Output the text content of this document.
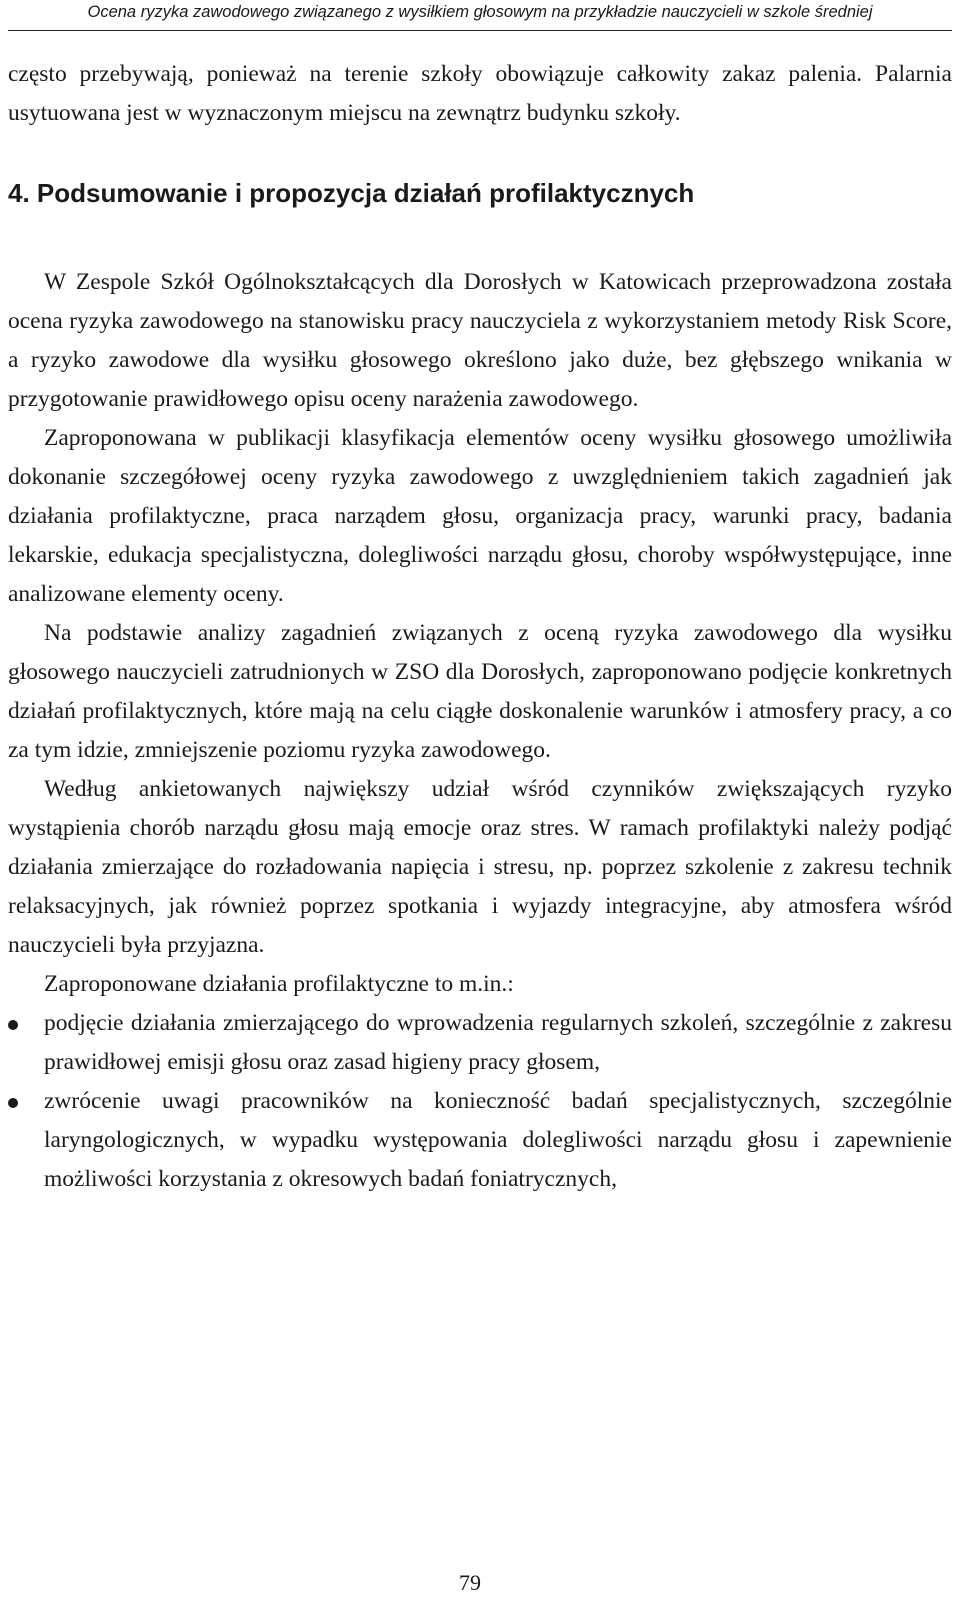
Ocena ryzyka zawodowego związanego z wysiłkiem głosowym na przykładzie nauczycieli w szkole średniej

często przebywają, ponieważ na terenie szkoły obowiązuje całkowity zakaz palenia. Palarnia usytuowana jest w wyznaczonym miejscu na zewnątrz budynku szkoły.

4. Podsumowanie i propozycja działań profilaktycznych

W Zespole Szkół Ogólnokształcących dla Dorosłych w Katowicach przeprowadzona została ocena ryzyka zawodowego na stanowisku pracy nauczyciela z wykorzystaniem metody Risk Score, a ryzyko zawodowe dla wysiłku głosowego określono jako duże, bez głębszego wnikania w przygotowanie prawidłowego opisu oceny narażenia zawodowego.

Zaproponowana w publikacji klasyfikacja elementów oceny wysiłku głosowego umożliwiła dokonanie szczegółowej oceny ryzyka zawodowego z uwzględnieniem takich zagadnień jak działania profilaktyczne, praca narządem głosu, organizacja pracy, warunki pracy, badania lekarskie, edukacja specjalistyczna, dolegliwości narządu głosu, choroby współwystępujące, inne analizowane elementy oceny.

Na podstawie analizy zagadnień związanych z oceną ryzyka zawodowego dla wysiłku głosowego nauczycieli zatrudnionych w ZSO dla Dorosłych, zaproponowano podjęcie konkretnych działań profilaktycznych, które mają na celu ciągłe doskonalenie warunków i atmosfery pracy, a co za tym idzie, zmniejszenie poziomu ryzyka zawodowego.

Według ankietowanych największy udział wśród czynników zwiększających ryzyko wystąpienia chorób narządu głosu mają emocje oraz stres. W ramach profilaktyki należy podjąć działania zmierzające do rozładowania napięcia i stresu, np. poprzez szkolenie z zakresu technik relaksacyjnych, jak również poprzez spotkania i wyjazdy integracyjne, aby atmosfera wśród nauczycieli była przyjazna.

Zaproponowane działania profilaktyczne to m.in.:

podjęcie działania zmierzającego do wprowadzenia regularnych szkoleń, szczególnie z zakresu prawidłowej emisji głosu oraz zasad higieny pracy głosem,
zwrócenie uwagi pracowników na konieczność badań specjalistycznych, szczególnie laryngologicznych, w wypadku występowania dolegliwości narządu głosu i zapewnienie możliwości korzystania z okresowych badań foniatrycznych,
79
